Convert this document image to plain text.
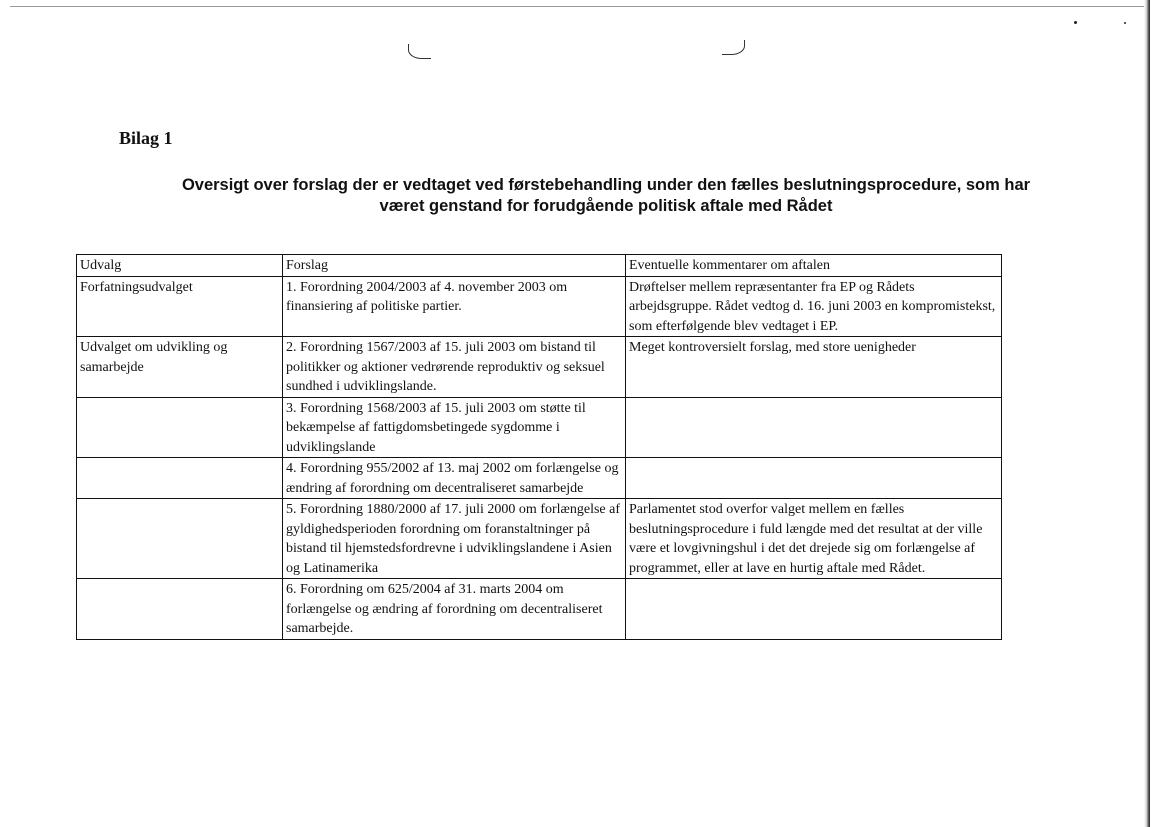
Bilag 1
Oversigt over forslag der er vedtaget ved førstebehandling under den fælles beslutningsprocedure, som har
været genstand for forudgående politisk aftale med Rådet
Udvalg	Forslag	Eventuelle kommentarer om aftalen
Forfatningsudvalget	1. Forordning 2004/2003 af 4. november 2003 om finansiering af politiske partier.	Drøftelser mellem repræsentanter fra EP og Rådets arbejdsgruppe. Rådet vedtog d. 16. juni 2003 en kompromistekst, som efterfølgende blev vedtaget i EP.
Udvalget om udvikling og samarbejde	2. Forordning 1567/2003 af 15. juli 2003 om bistand til politikker og aktioner vedrørende reproduktiv og seksuel sundhed i udviklingslande.	Meget kontroversielt forslag, med store uenigheder
	3. Forordning 1568/2003 af 15. juli 2003 om støtte til bekæmpelse af fattigdomsbetingede sygdomme i udviklingslande	
	4. Forordning 955/2002 af 13. maj 2002 om forlængelse og ændring af forordning om decentraliseret samarbejde	
	5. Forordning 1880/2000 af 17. juli 2000 om forlængelse af gyldighedsperioden forordning om foranstaltninger på bistand til hjemstedsfordrevne i udviklingslandene i Asien og Latinamerika	Parlamentet stod overfor valget mellem en fælles beslutningsprocedure i fuld længde med det resultat at der ville være et lovgivningshul i det det drejede sig om forlængelse af programmet, eller at lave en hurtig aftale med Rådet.
	6. Forordning om 625/2004 af 31. marts 2004 om forlængelse og ændring af forordning om decentraliseret samarbejde.	
